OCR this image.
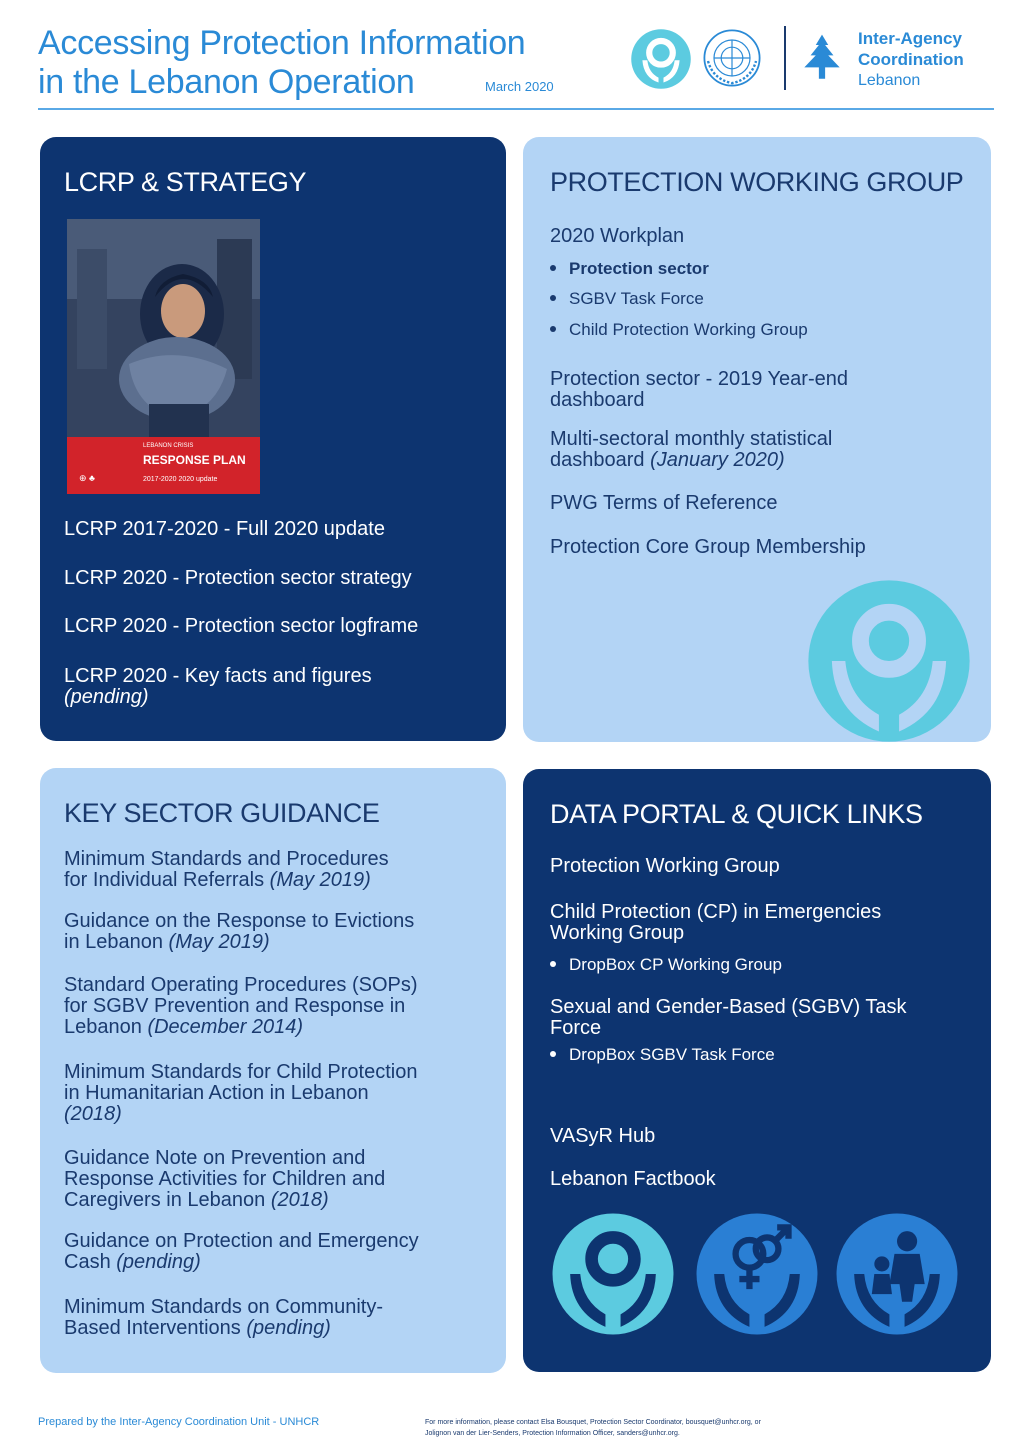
Accessing Protection Information
in the Lebanon Operation	March 2020
Inter-Agency
Coordination
Lebanon
LCRP & STRATEGY
⊕ ♣
LEBANON CRISIS
RESPONSE PLAN
2017-2020 2020 update
LCRP 2017-2020 - Full 2020 update
LCRP 2020 - Protection sector strategy
LCRP 2020 - Protection sector logframe
LCRP 2020 - Key facts and figures
(pending)
PROTECTION WORKING GROUP
2020 Workplan
Protection sector
SGBV Task Force
Child Protection Working Group
Protection sector - 2019 Year-end
dashboard
Multi-sectoral monthly statistical
dashboard (January 2020)
PWG Terms of Reference
Protection Core Group Membership
KEY SECTOR GUIDANCE
Minimum Standards and Procedures
for Individual Referrals (May 2019)
Guidance on the Response to Evictions
in Lebanon (May 2019)
Standard Operating Procedures (SOPs)
for SGBV Prevention and Response in
Lebanon (December 2014)
Minimum Standards for Child Protection
in Humanitarian Action in Lebanon
(2018)
Guidance Note on Prevention and
Response Activities for Children and
Caregivers in Lebanon (2018)
Guidance on Protection and Emergency
Cash (pending)
Minimum Standards on Community-
Based Interventions (pending)
DATA PORTAL & QUICK LINKS
Protection Working Group
Child Protection (CP) in Emergencies
Working Group
DropBox CP Working Group
Sexual and Gender-Based (SGBV) Task
Force
DropBox SGBV Task Force
VASyR Hub
Lebanon Factbook
Prepared by the Inter-Agency Coordination Unit - UNHCR	For more information, please contact Elsa Bousquet, Protection Sector Coordinator, bousquet@unhcr.org, or
Jolignon van der Lier-Senders, Protection Information Officer, sanders@unhcr.org.
